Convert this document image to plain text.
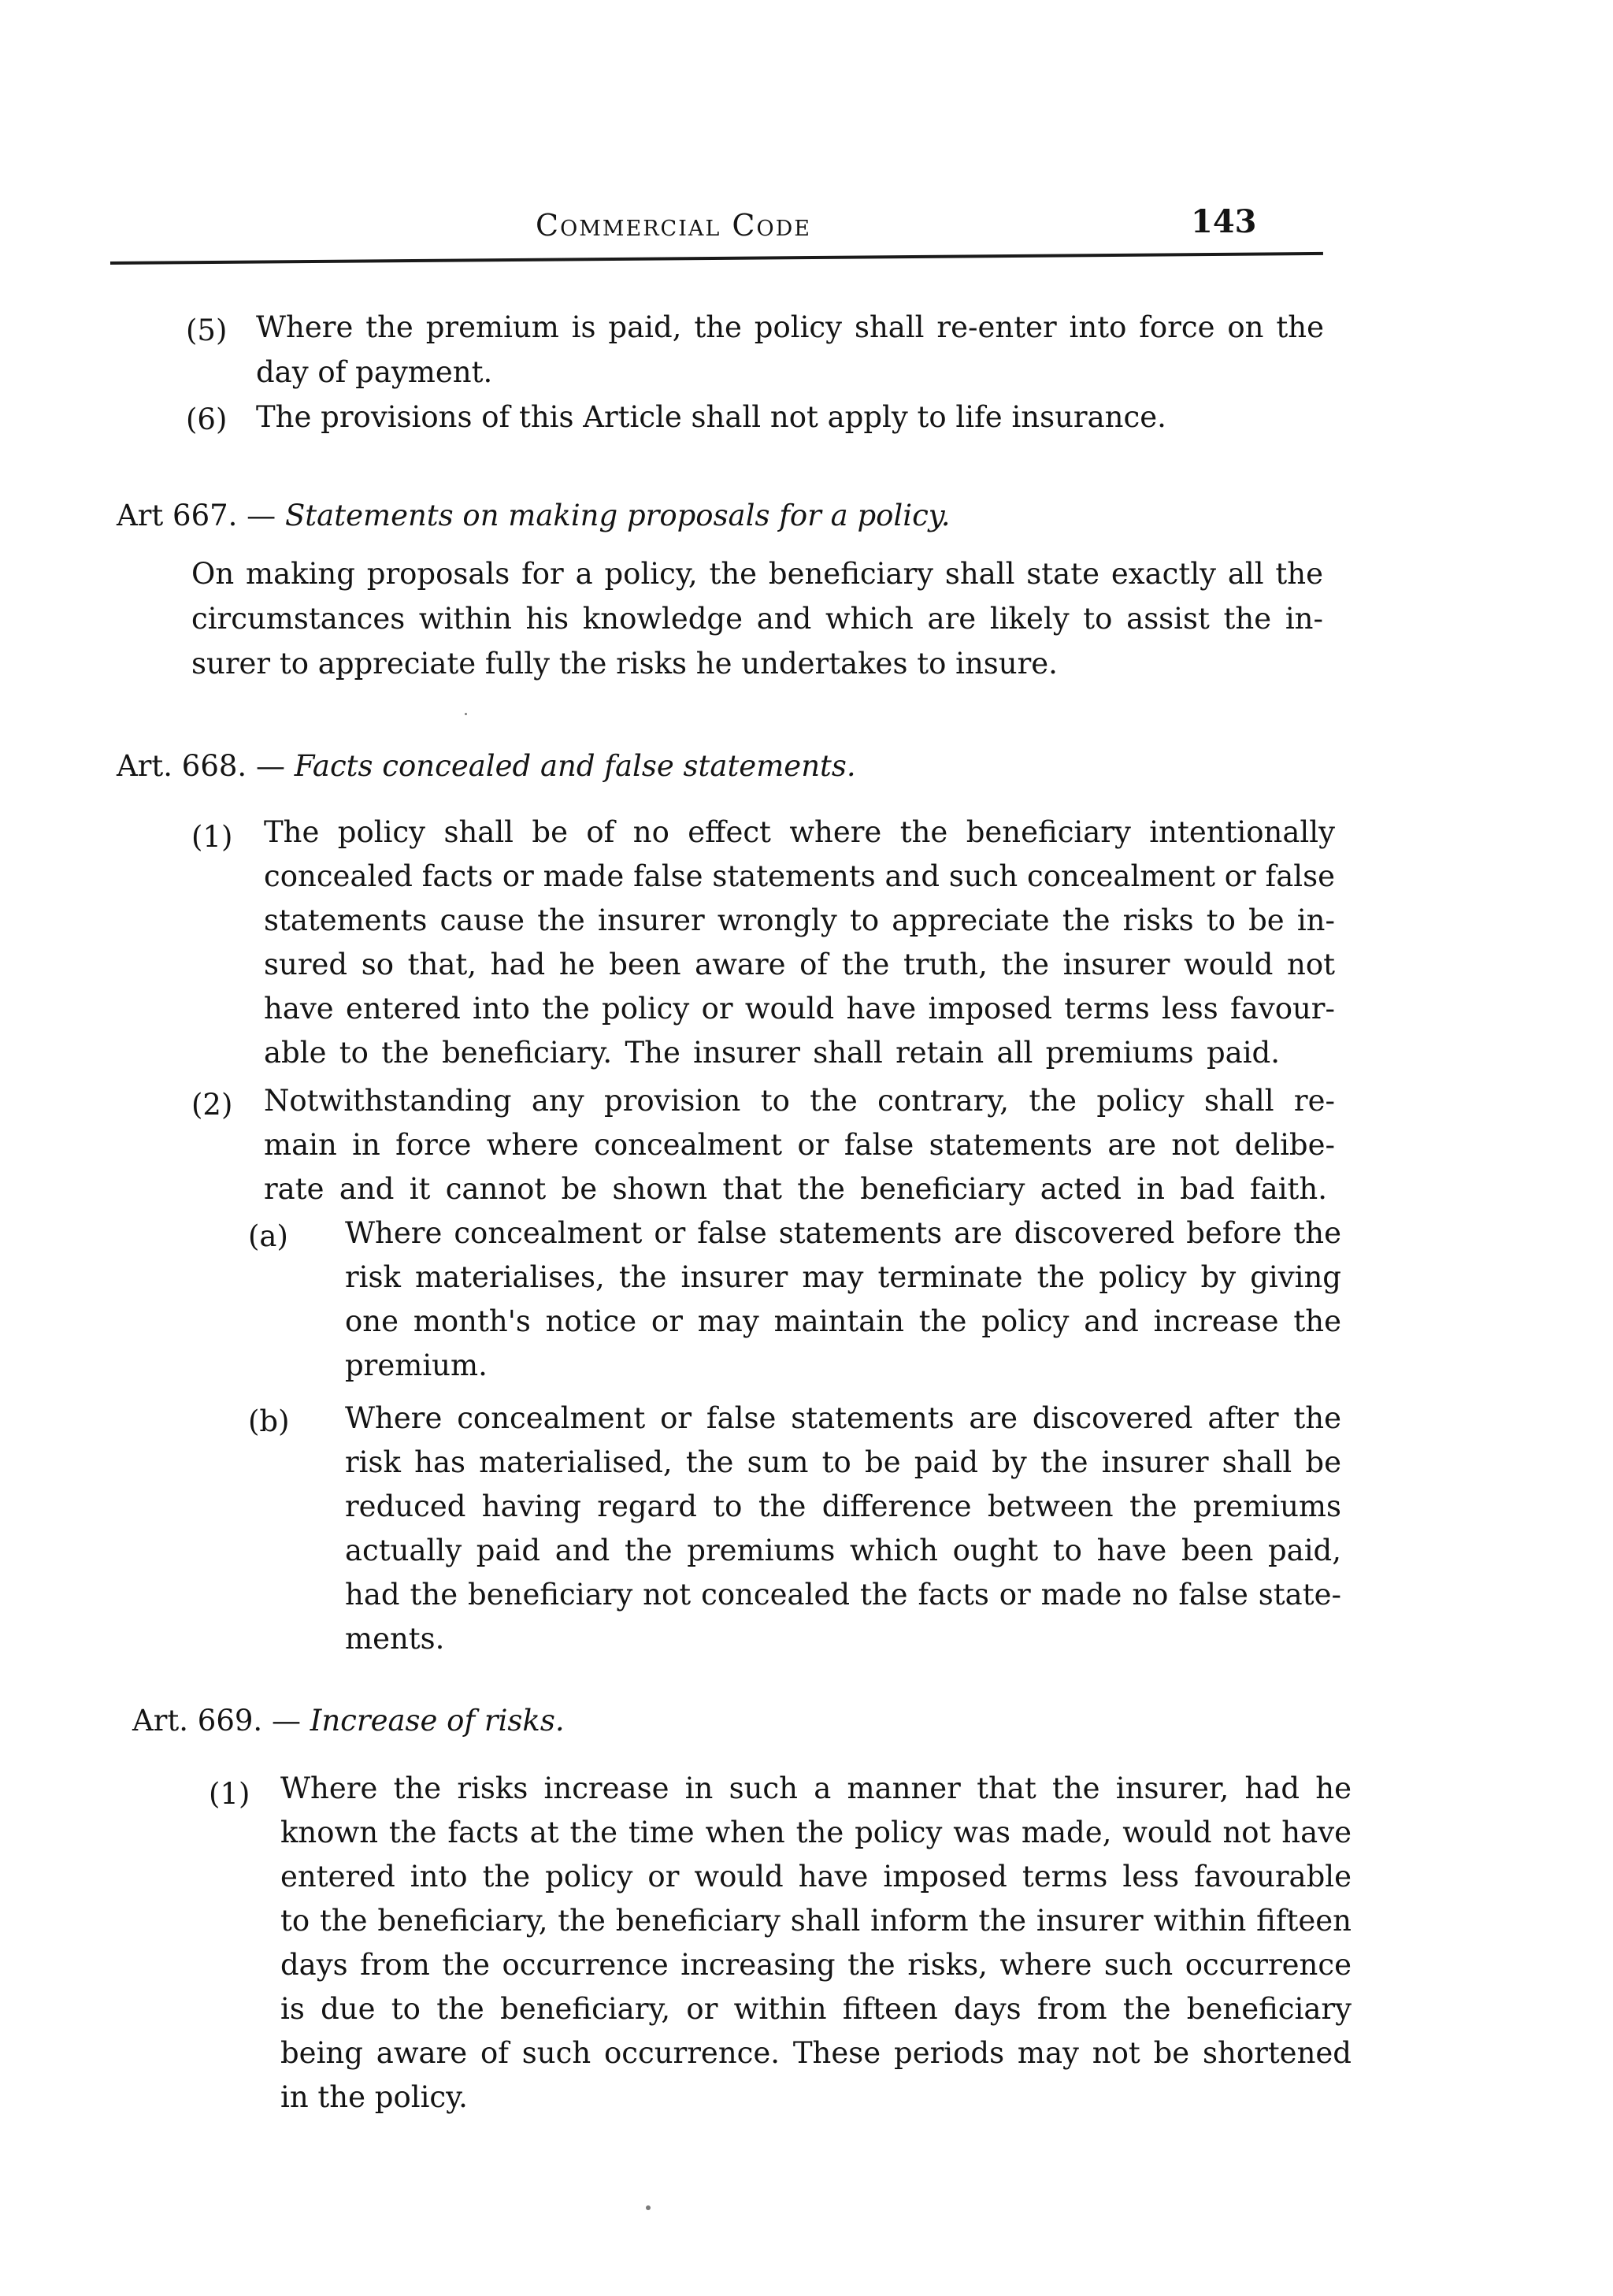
Commercial Code	143
(5) Where the premium is paid, the policy shall re-enter into force on the
day of payment.
(6) The provisions of this Article shall not apply to life insurance.
Art 667. — Statements on making proposals for a policy.
On making proposals for a policy, the beneficiary shall state exactly all the
circumstances within his knowledge and which are likely to assist the in-
surer to appreciate fully the risks he undertakes to insure.
Art. 668. — Facts concealed and false statements.
(1) The policy shall be of no effect where the beneficiary intentionally
concealed facts or made false statements and such concealment or false
statements cause the insurer wrongly to appreciate the risks to be in-
sured so that, had he been aware of the truth, the insurer would not
have entered into the policy or would have imposed terms less favour-
able to the beneficiary. The insurer shall retain all premiums paid.
(2) Notwithstanding any provision to the contrary, the policy shall re-
main in force where concealment or false statements are not delibe-
rate and it cannot be shown that the beneficiary acted in bad faith.
(a) Where concealment or false statements are discovered before the
risk materialises, the insurer may terminate the policy by giving
one month's notice or may maintain the policy and increase the
premium.
(b) Where concealment or false statements are discovered after the
risk has materialised, the sum to be paid by the insurer shall be
reduced having regard to the difference between the premiums
actually paid and the premiums which ought to have been paid,
had the beneficiary not concealed the facts or made no false state-
ments.
Art. 669. — Increase of risks.
(1) Where the risks increase in such a manner that the insurer, had he
known the facts at the time when the policy was made, would not have
entered into the policy or would have imposed terms less favourable
to the beneficiary, the beneficiary shall inform the insurer within fifteen
days from the occurrence increasing the risks, where such occurrence
is due to the beneficiary, or within fifteen days from the beneficiary
being aware of such occurrence. These periods may not be shortened
in the policy.
